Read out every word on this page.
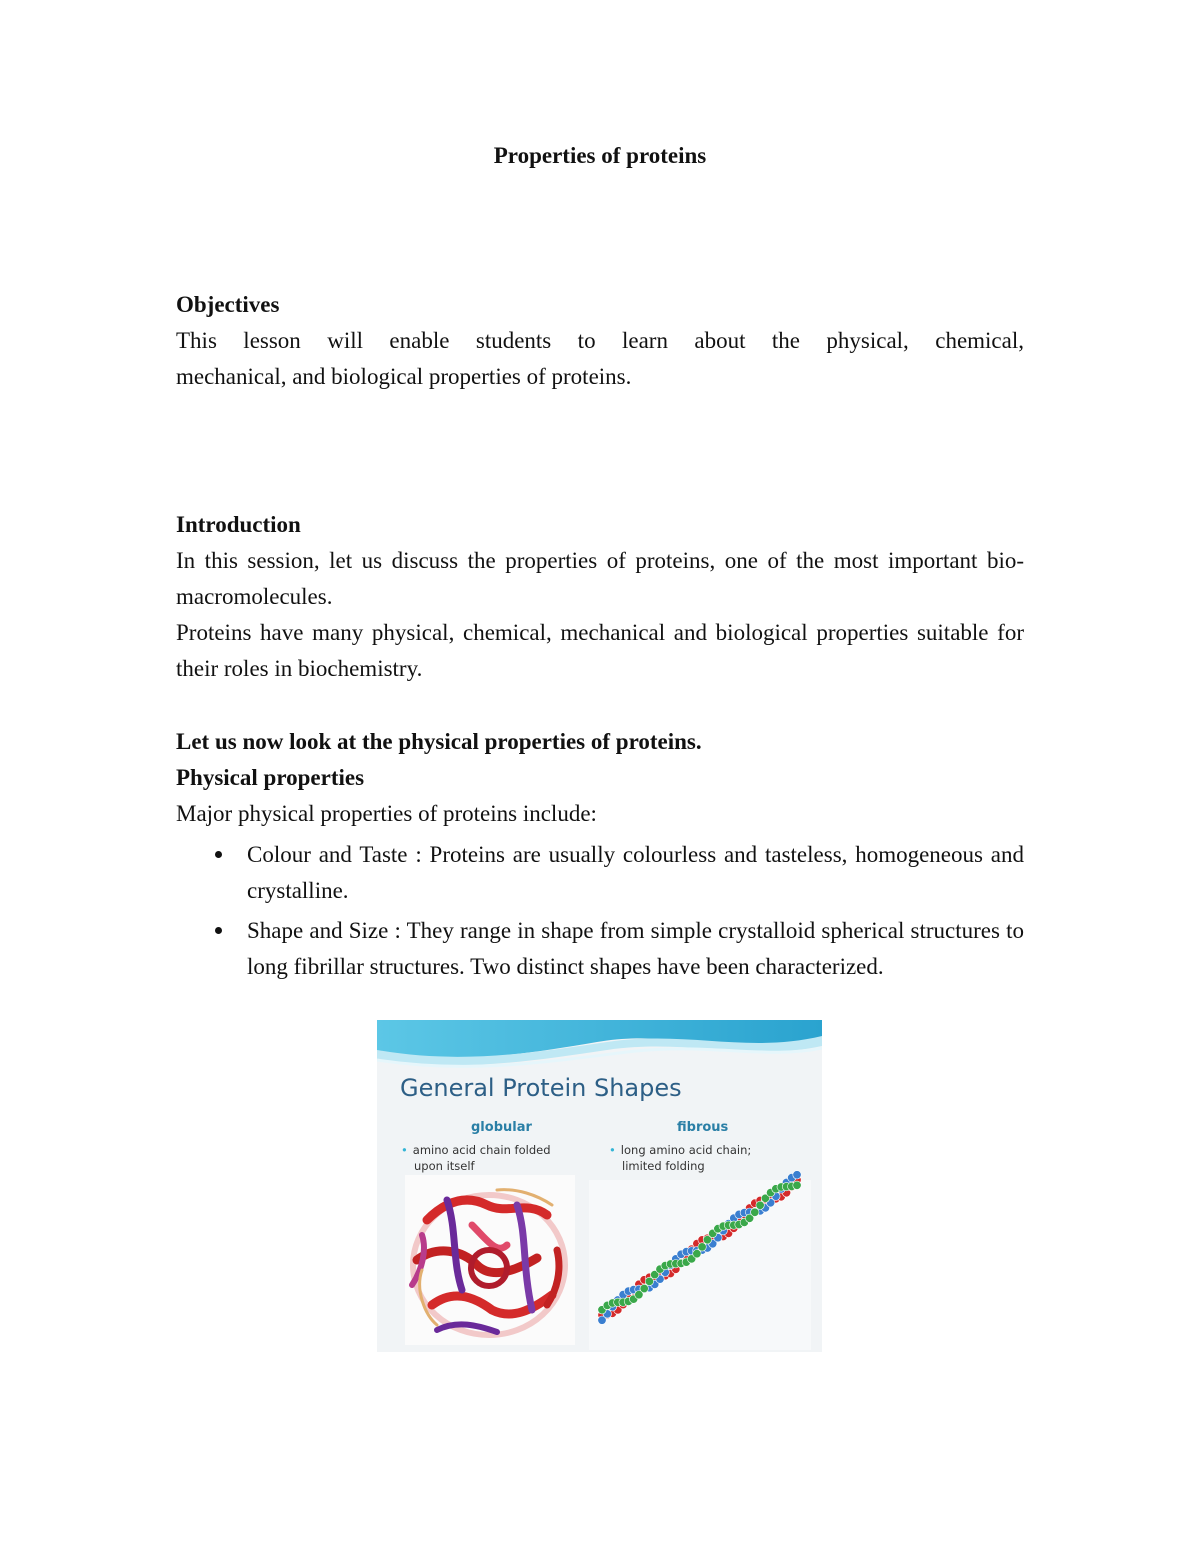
Properties of proteins
Objectives
This lesson will enable students to learn about the physical, chemical,
mechanical, and biological properties of proteins.
Introduction
In this session, let us discuss the properties of proteins, one of the most important bio-macromolecules.
Proteins have many physical, chemical, mechanical and biological properties suitable for their roles in biochemistry.
Let us now look at the physical properties of proteins.
Physical properties
Major physical properties of proteins include:
Colour and Taste : Proteins are usually colourless and tasteless, homogeneous and crystalline.
Shape and Size : They range in shape from simple crystalloid spherical structures to long fibrillar structures. Two distinct shapes have been characterized.
General Protein Shapes
globular
• amino acid chain folded
upon itself
fibrous
• long amino acid chain;
limited folding
